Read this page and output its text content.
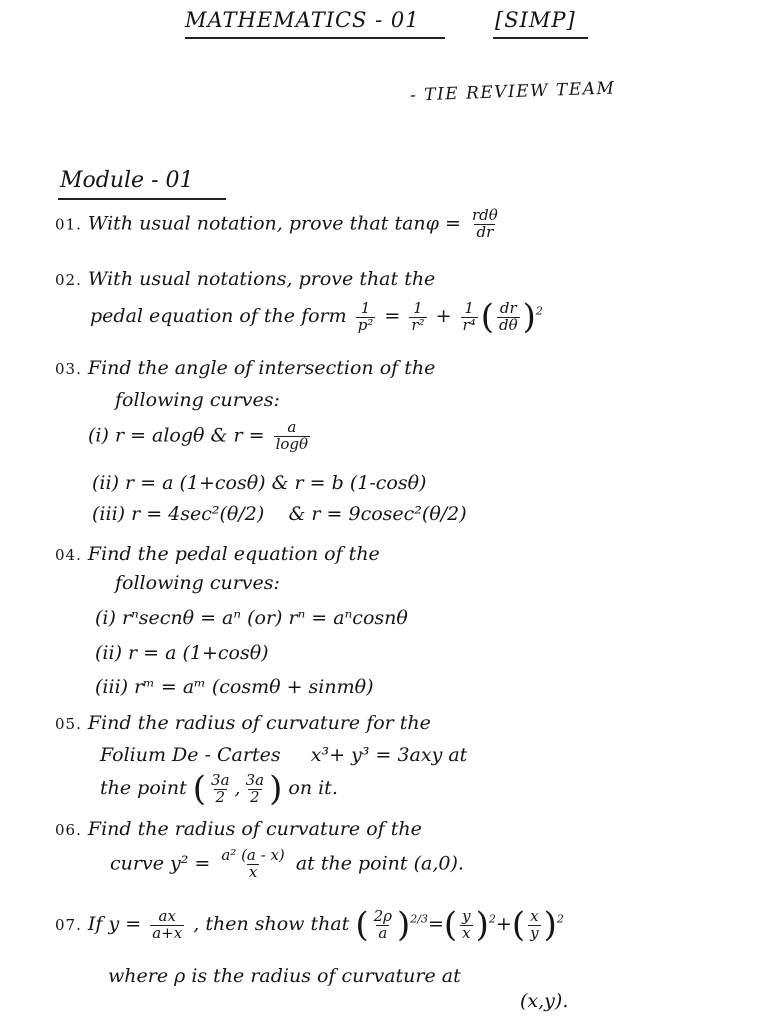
MATHEMATICS - 01	[SIMP]
- TIE REVIEW TEAM
Module - 01
01. With usual notation, prove that $\tan\varphi = \frac{\text{rdθ}}{dr}$
02. With usual notations, prove that the
pedal equation of the form $\frac{1}{\text{p²}} = \frac{1}{\text{r²}} + \frac{1}{\text{r⁴}}$ ( $\frac{dr}{d\theta} )^2$
03. Find the angle of intersection of the
following curves:
(i) r = alogθ & $r = \frac{a}{\log\theta}$
(ii) r = a (1+cosθ) & r = b (1-cosθ)
(iii) r = 4sec²(θ/2) & r = 9cosec²(θ/2)
04. Find the pedal equation of the
following curves:
(i) rⁿsecnθ = aⁿ (or) rⁿ = aⁿcosnθ
(ii) r = a (1+cosθ)
(iii) rᵐ = aᵐ (cosmθ + sinmθ)
05. Find the radius of curvature for the
Folium De - Cartes x³+ y³ = 3axy at
the point ( $\frac{3a}{2}$ , $\frac{3a}{2}$ ) on it.
06. Find the radius of curvature of the
curve $y^2 = \frac{\text{a² (a - x)}}{x}$ at the point (a,0).
07. If $y = \frac{ax}{a+x}$ , then show that ( $\frac{2\rho}{a} )^{2/3}=( \frac{y}{x} )^2+( \frac{x}{y} )^2$
where ρ is the radius of curvature at
(x,y).
